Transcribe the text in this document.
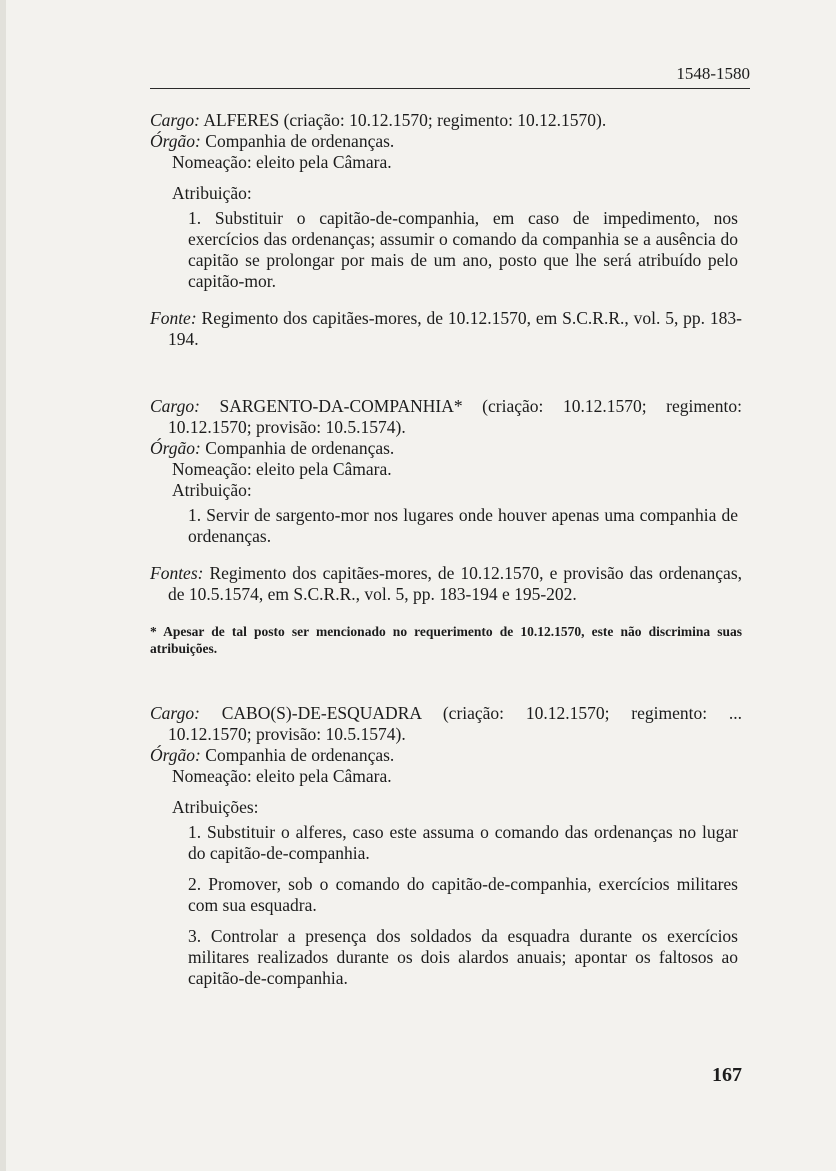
1548-1580

Cargo: ALFERES (criação: 10.12.1570; regimento: 10.12.1570).

Órgão: Companhia de ordenanças.

Nomeação: eleito pela Câmara.

Atribuição:

1. Substituir o capitão-de-companhia, em caso de impedimento, nos exercícios das ordenanças; assumir o comando da companhia se a ausência do capitão se prolongar por mais de um ano, posto que lhe será atribuído pelo capitão-mor.

Fonte: Regimento dos capitães-mores, de 10.12.1570, em S.C.R.R., vol. 5, pp. 183-194.

Cargo: SARGENTO-DA-COMPANHIA* (criação: 10.12.1570; regimento: 10.12.1570; provisão: 10.5.1574).

Órgão: Companhia de ordenanças.

Nomeação: eleito pela Câmara.

Atribuição:

1. Servir de sargento-mor nos lugares onde houver apenas uma companhia de ordenanças.

Fontes: Regimento dos capitães-mores, de 10.12.1570, e provisão das ordenanças, de 10.5.1574, em S.C.R.R., vol. 5, pp. 183-194 e 195-202.

* Apesar de tal posto ser mencionado no requerimento de 10.12.1570, este não discrimina suas atribuições.

Cargo: CABO(S)-DE-ESQUADRA (criação: 10.12.1570; regimento: ... 10.12.1570; provisão: 10.5.1574).

Órgão: Companhia de ordenanças.

Nomeação: eleito pela Câmara.

Atribuições:

1. Substituir o alferes, caso este assuma o comando das ordenanças no lugar do capitão-de-companhia.

2. Promover, sob o comando do capitão-de-companhia, exercícios militares com sua esquadra.

3. Controlar a presença dos soldados da esquadra durante os exercícios militares realizados durante os dois alardos anuais; apontar os faltosos ao capitão-de-companhia.

167
